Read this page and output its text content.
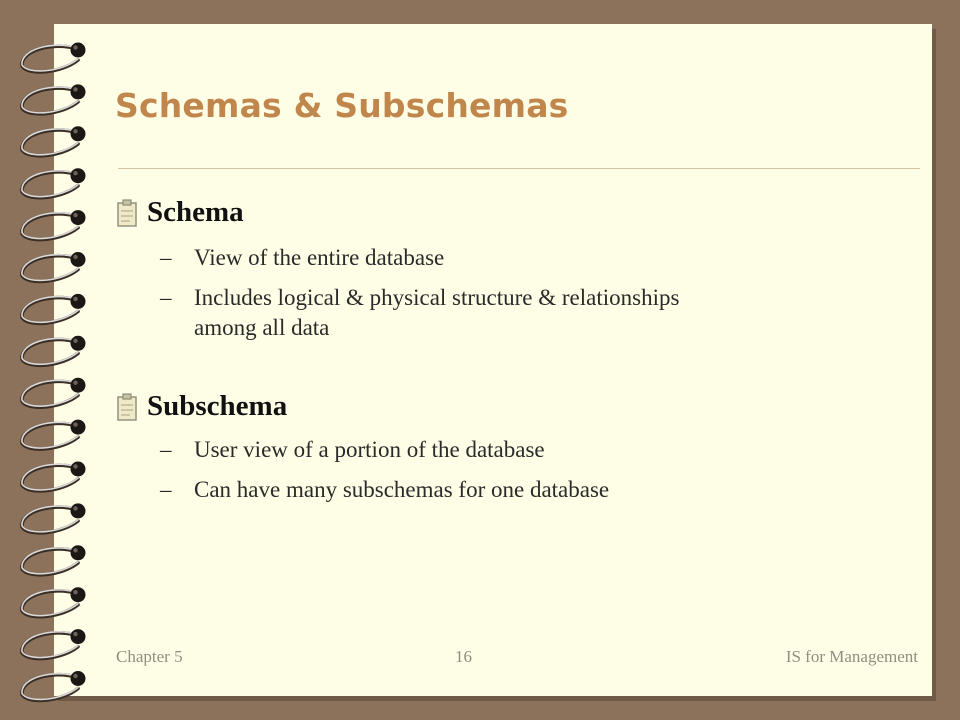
Schemas & Subschemas
Schema
– View of the entire database
– Includes logical & physical structure & relationships
among all data
Subschema
– User view of a portion of the database
– Can have many subschemas for one database
Chapter 5	16	IS for Management
